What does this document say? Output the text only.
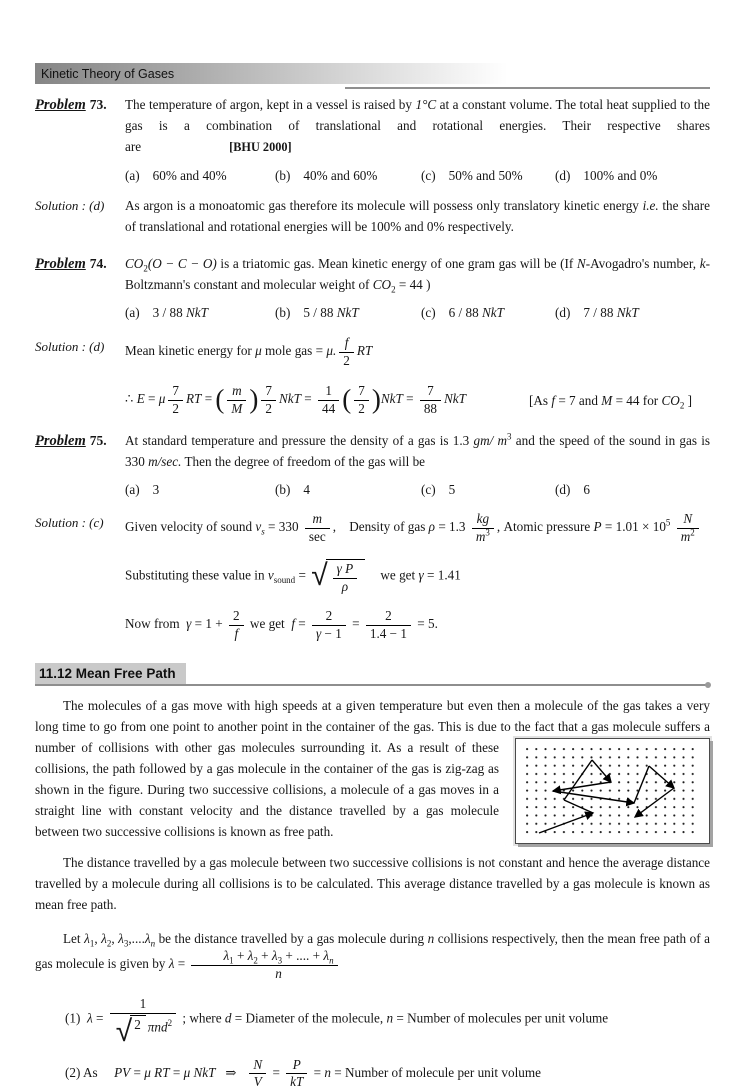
Kinetic Theory of Gases
Problem 73.	The temperature of argon, kept in a vessel is raised by 1°C at a constant volume. The total heat supplied to the gas is a combination of translational and rotational energies. Their respective shares are	[BHU 2000]
(a) 60% and 40%	(b) 40% and 60%	(c) 50% and 50% (d) 100% and 0%
Solution : (d)	As argon is a monoatomic gas therefore its molecule will possess only translatory kinetic energy i.e. the share of translational and rotational energies will be 100% and 0% respectively.
Problem 74.	$CO_2(O - C - O)$ is a triatomic gas. Mean kinetic energy of one gram gas will be (If N-Avogadro's number, k-Boltzmann's constant and molecular weight of $CO_2 = 44$ )
(a) 3 / 88 NkT	(b) 5 / 88 NkT	(c) 6 / 88 NkT	(d) 7 / 88 NkT
Solution : (d)	Mean kinetic energy for μ mole gas = μ. $\frac{f}{2}$ RT
∴ E = μ $\frac{7}{2}$ RT = ( $\frac{m}{M}$ ) $\frac{7}{2}$ NkT = $\frac{1}{44}$ ( $\frac{7}{2} )NkT = \frac{7}{88}$ NkT	[As f = 7 and M = 44 for $CO_2$ ]
Problem 75.	At standard temperature and pressure the density of a gas is 1.3 gm/ $m^3$ and the speed of the sound in gas is 330 m/sec. Then the degree of freedom of the gas will be
(a) 3	(b) 4	(c) 5	(d) 6
Solution : (c)	Given velocity of sound $v_s = 330 \frac{m}{\sec}$ ,    Density of gas $\rho = 1.3 \frac{kg}{m^3}$ , Atomic pressure $P = 1.01 \times 10^5 \frac{N}{m^2}$
Substituting these value in $v_{sound}$ = √ $\frac{\text{γ P}}{\rho}$ we get γ = 1.41
Now from  $\gamma = 1 + \frac{2}{f}$ we get  $f = \frac{2}{\gamma - 1} = \frac{2}{1.4 - 1} = 5$.
11.12 Mean Free Path

The molecules of a gas move with high speeds at a given temperature but even then a molecule of the gas takes a very long time to go from one point to another point in the container of the gas. This is due to the fact that a gas molecule suffers a number
of collisions with other gas molecules surrounding it. As a result of these collisions, the path followed by a gas molecule in the container of the gas is zig-zag as shown in the figure. During two successive collisions, a molecule of a gas moves in a straight line with constant velocity and the distance travelled by a gas molecule between two successive collisions is known as free path.

The distance travelled by a gas molecule between two successive collisions is not constant and hence the average distance travelled by a molecule during all collisions is to be calculated. This average distance travelled by a gas molecule is known as mean free path.

Let $\lambda_1$, $\lambda_2$, $\lambda_3,....\lambda_n$ be the distance travelled by a gas molecule during n collisions respectively, then the mean free path of a gas molecule is given by $\lambda = \frac{\lambda_1 + \lambda_2 + \lambda_3 + .... + \lambda_n}{n}$

(1)  $\lambda = \frac{1}{√ 2 \pi nd^2}$ ; where d = Diameter of the molecule, n = Number of molecules per unit volume
(2) As     PV = μ RT = μ NkT   ⇒ $\frac{N}{V} = \frac{P}{kT} = n$ = Number of molecule per unit volume
